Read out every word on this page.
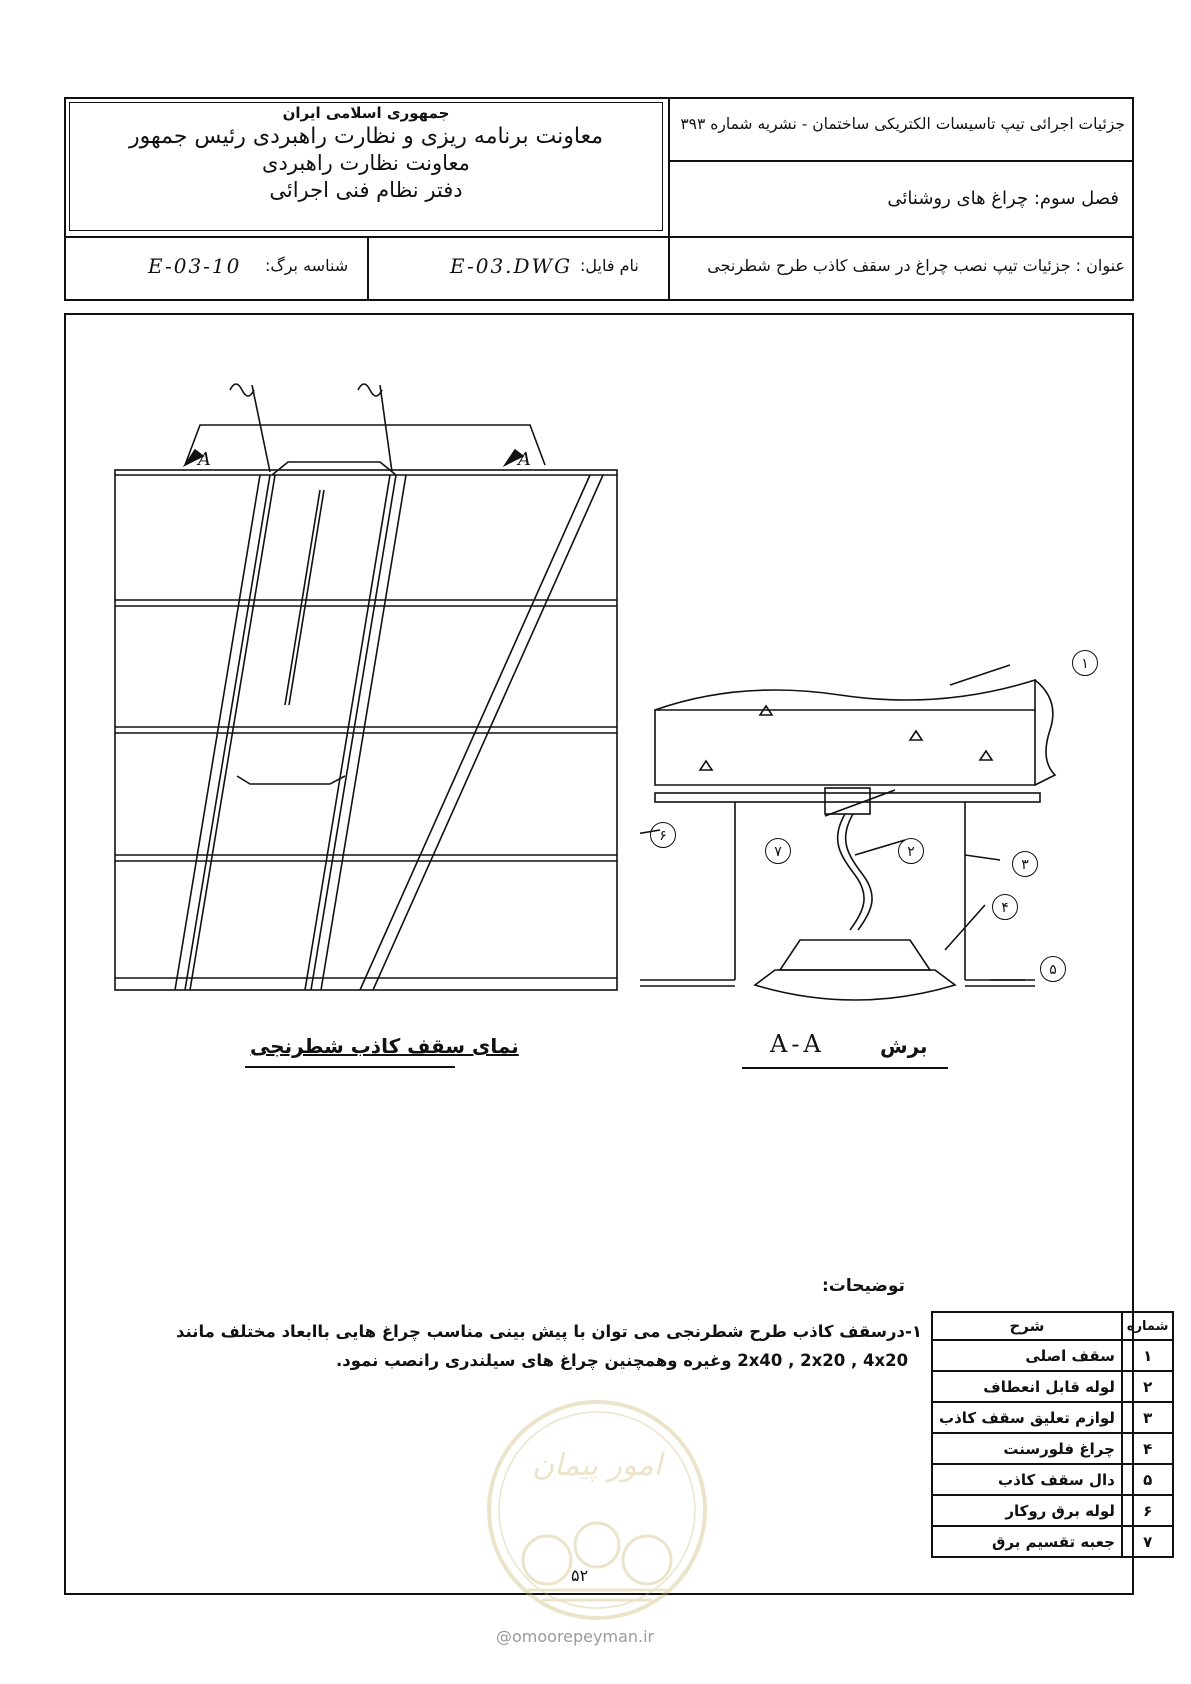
جمهوری اسلامی ایران
معاونت برنامه ریزی و نظارت راهبردی رئیس جمهور
معاونت نظارت راهبردی
دفتر نظام فنی اجرائی
جزئیات اجرائی تیپ تاسیسات الکتریکی ساختمان - نشریه شماره ۳۹۳
فصل سوم: چراغ های روشنائی
عنوان : جزئیات تیپ نصب چراغ در سقف کاذب طرح شطرنجی
نام فایل:
E-03.DWG
شناسه برگ:
E-03-10
A	A
نمای سقف کاذب شطرنجی
۱
۲
۳
۴
۵
۶
۷
برش
A-A
توضیحات:
۱-درسقف کاذب طرح شطرنجی می توان با پیش بینی مناسب چراغ هایی باابعاد مختلف مانند
2x40 , 2x20 , 4x20 وغیره وهمچنین چراغ های سیلندری رانصب نمود.
شماره	شرح
۱	سقف اصلی
۲	لوله قابل انعطاف
۳	لوازم تعلیق سقف کاذب
۴	چراغ فلورسنت
۵	دال سقف کاذب
۶	لوله برق روکار
۷	جعبه تقسیم برق
امور پیمان
@omoorepeyman.ir
۵۲
